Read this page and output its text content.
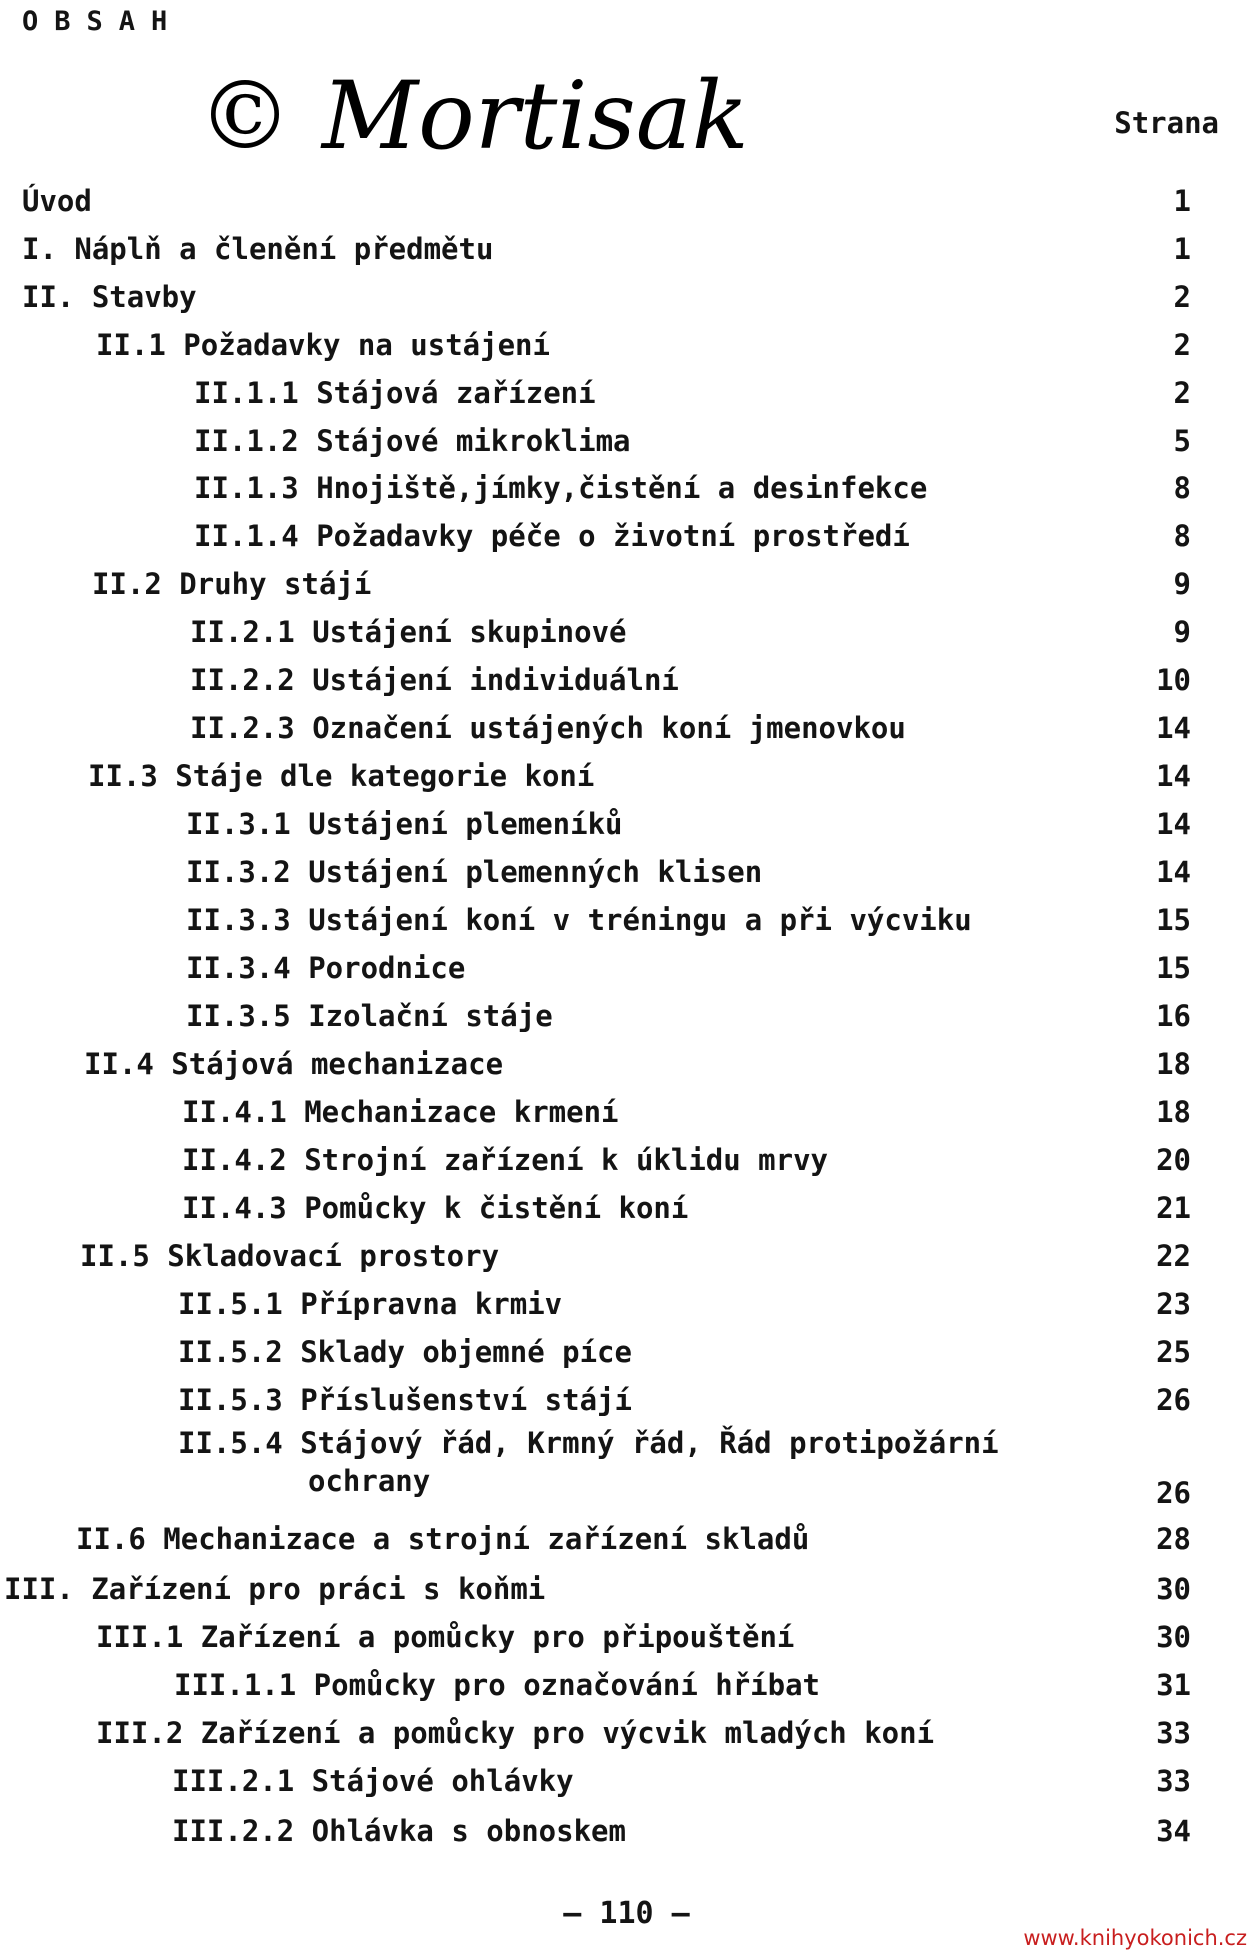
OBSAH
© Mortisak	Strana
Úvod	1
I. Náplň a členění předmětu	1
II. Stavby	2
II.1 Požadavky na ustájení	2
II.1.1 Stájová zařízení	2
II.1.2 Stájové mikroklima	5
II.1.3 Hnojiště,jímky,čistění a desinfekce	8
II.1.4 Požadavky péče o životní prostředí	8
II.2 Druhy stájí	9
II.2.1 Ustájení skupinové	9
II.2.2 Ustájení individuální	10
II.2.3 Označení ustájených koní jmenovkou	14
II.3 Stáje dle kategorie koní	14
II.3.1 Ustájení plemeníků	14
II.3.2 Ustájení plemenných klisen	14
II.3.3 Ustájení koní v tréningu a při výcviku	15
II.3.4 Porodnice	15
II.3.5 Izolační stáje	16
II.4 Stájová mechanizace	18
II.4.1 Mechanizace krmení	18
II.4.2 Strojní zařízení k úklidu mrvy	20
II.4.3 Pomůcky k čistění koní	21
II.5 Skladovací prostory	22
II.5.1 Přípravna krmiv	23
II.5.2 Sklady objemné píce	25
II.5.3 Příslušenství stájí	26
II.5.4 Stájový řád, Krmný řád, Řád protipožární
ochrany	26
II.6 Mechanizace a strojní zařízení skladů	28
III. Zařízení pro práci s koňmi	30
III.1 Zařízení a pomůcky pro připouštění	30
III.1.1 Pomůcky pro označování hříbat	31
III.2 Zařízení a pomůcky pro výcvik mladých koní	33
III.2.1 Stájové ohlávky	33
III.2.2 Ohlávka s obnoskem	34
– 110 –
www.knihyokonich.cz
